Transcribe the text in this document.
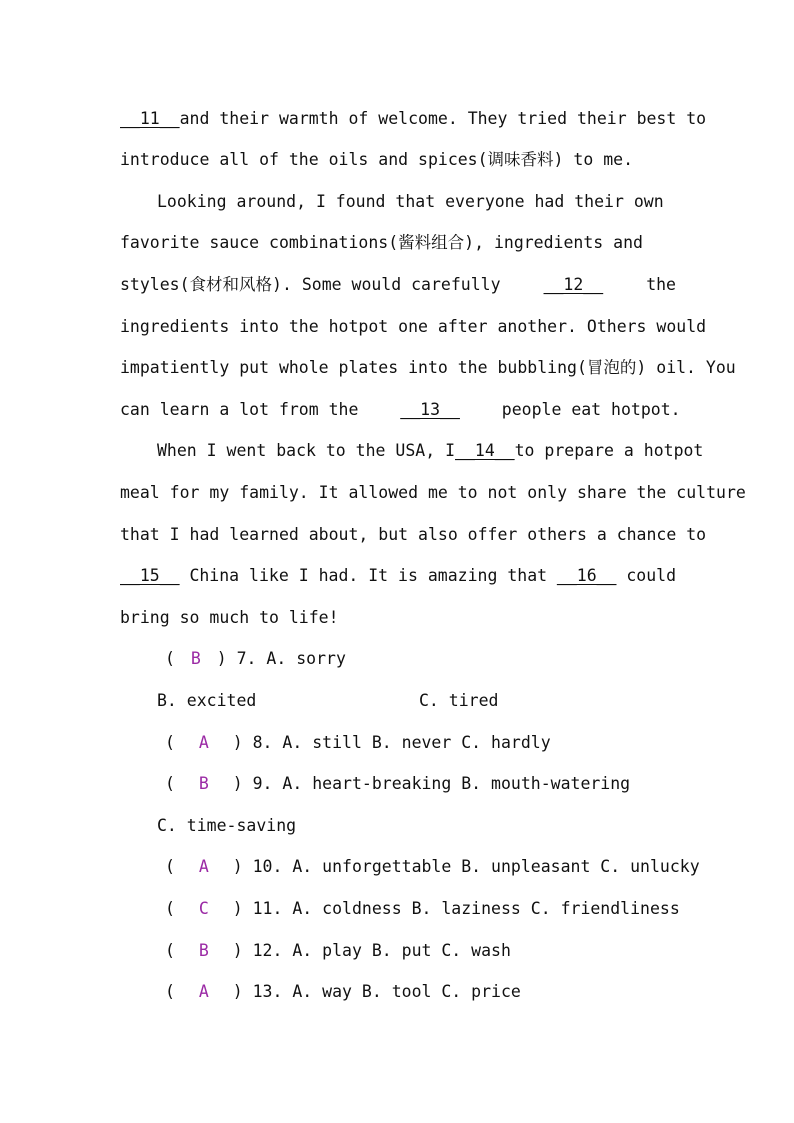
__11__ and their warmth of welcome. They tried their best to
introduce all of the oils and spices(调味香料) to me.
Looking around, I found that everyone had their own
favorite sauce combinations(酱料组合), ingredients and
styles(食材和风格). Some would carefully	__12__	the
ingredients into the hotpot one after another. Others would
impatiently put whole plates into the bubbling(冒泡的) oil. You
can learn a lot from the	__13__	people eat hotpot.
When I went back to the USA, I __14__ to prepare a hotpot
meal for my family. It allowed me to not only share the culture
that I had learned about, but also offer others a chance to
__15__ China like I had. It is amazing that __16__ could
bring so much to life!
( B ) 7. A. sorry
B. excited	C. tired
( A ) 8. A. still B. never C. hardly
( B ) 9. A. heart-breaking B. mouth-watering
C. time-saving
( A ) 10. A. unforgettable B. unpleasant C. unlucky
( C ) 11. A. coldness B. laziness C. friendliness
( B ) 12. A. play B. put C. wash
( A ) 13. A. way B. tool C. price
